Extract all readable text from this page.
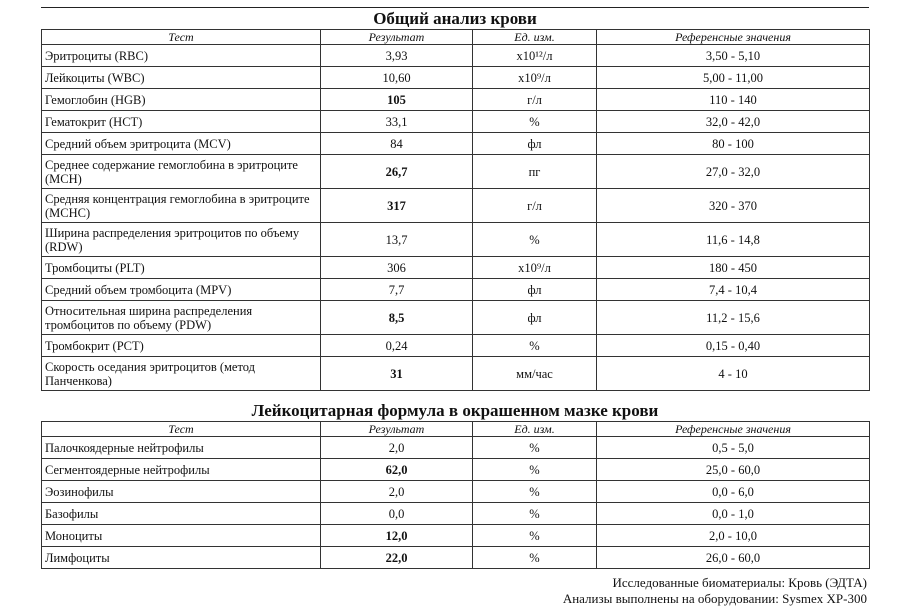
Общий анализ крови
Тест	Результат	Ед. изм.	Референсные значения
Эритроциты (RBC)	3,93	x10¹²/л	3,50 - 5,10
Лейкоциты (WBC)	10,60	x10⁹/л	5,00 - 11,00
Гемоглобин (HGB)	105	г/л	110 - 140
Гематокрит (HCT)	33,1	%	32,0 - 42,0
Средний объем эритроцита (MCV)	84	фл	80 - 100
Среднее содержание гемоглобина в эритроците (MCH)	26,7	пг	27,0 - 32,0
Средняя концентрация гемоглобина в эритроците (MCHC)	317	г/л	320 - 370
Ширина распределения эритроцитов по объему (RDW)	13,7	%	11,6 - 14,8
Тромбоциты (PLT)	306	x10⁹/л	180 - 450
Средний объем тромбоцита (MPV)	7,7	фл	7,4 - 10,4
Относительная ширина распределения тромбоцитов по объему (PDW)	8,5	фл	11,2 - 15,6
Тромбокрит (PCT)	0,24	%	0,15 - 0,40
Скорость оседания эритроцитов (метод Панченкова)	31	мм/час	4 - 10
Лейкоцитарная формула в окрашенном мазке крови
Тест	Результат	Ед. изм.	Референсные значения
Палочкоядерные нейтрофилы	2,0	%	0,5 - 5,0
Сегментоядерные нейтрофилы	62,0	%	25,0 - 60,0
Эозинофилы	2,0	%	0,0 - 6,0
Базофилы	0,0	%	0,0 - 1,0
Моноциты	12,0	%	2,0 - 10,0
Лимфоциты	22,0	%	26,0 - 60,0
Исследованные биоматериалы: Кровь (ЭДТА)
Анализы выполнены на оборудовании: Sysmex XP-300
